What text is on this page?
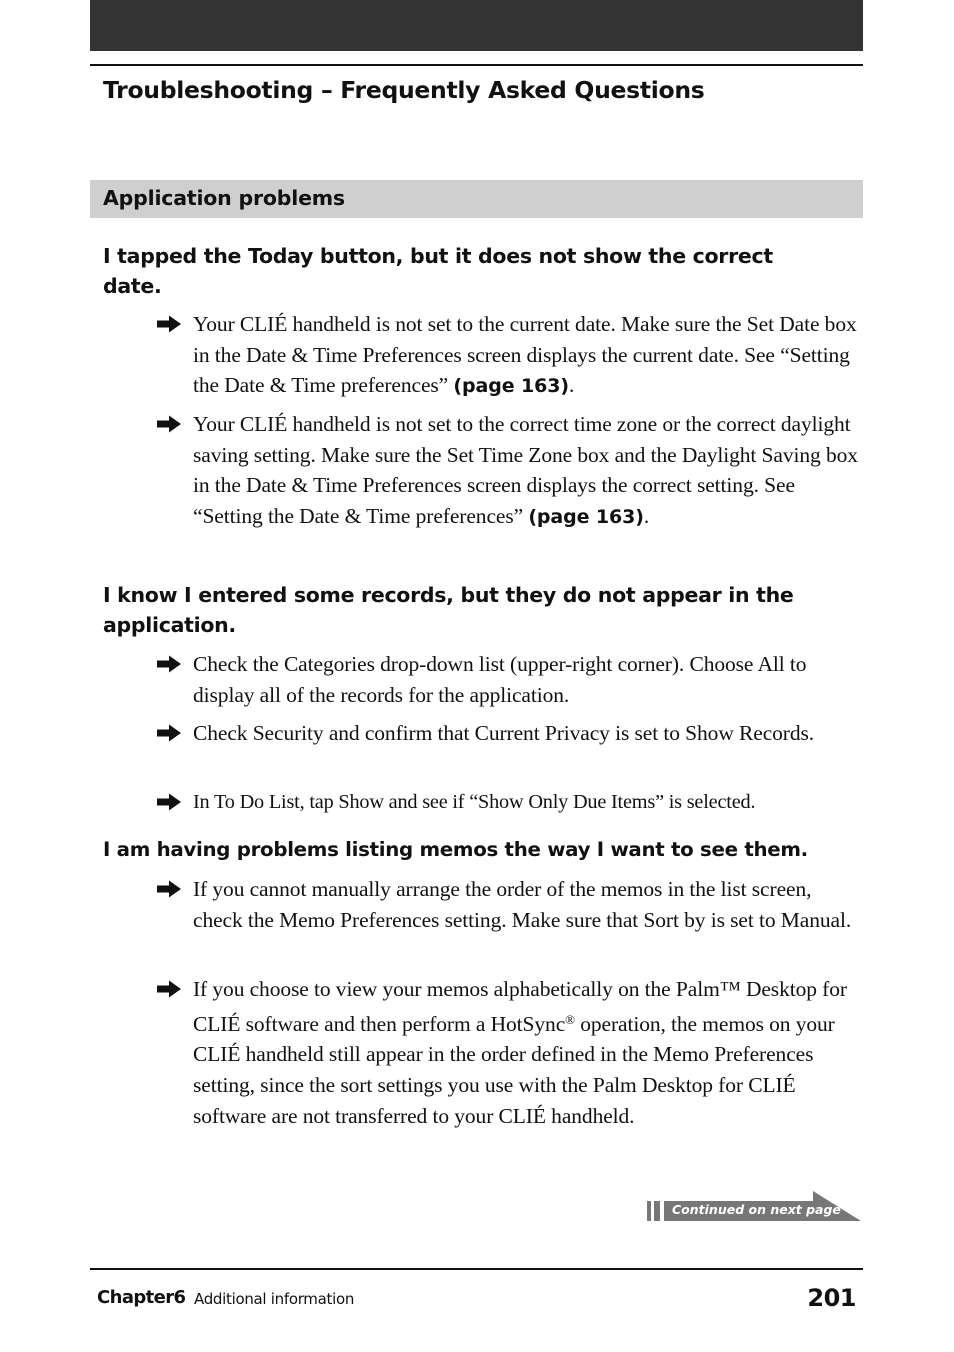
Troubleshooting – Frequently Asked Questions
Application problems
I tapped the Today button, but it does not show the correct date.

Your CLIÉ handheld is not set to the current date. Make sure the Set Date box in the Date & Time Preferences screen displays the current date. See “Setting the Date & Time preferences” (page 163).

Your CLIÉ handheld is not set to the correct time zone or the correct daylight saving setting. Make sure the Set Time Zone box and the Daylight Saving box in the Date & Time Preferences screen displays the correct setting. See “Setting the Date & Time preferences” (page 163).

I know I entered some records, but they do not appear in the application.

Check the Categories drop-down list (upper-right corner). Choose All to display all of the records for the application.

Check Security and confirm that Current Privacy is set to Show Records.

In To Do List, tap Show and see if “Show Only Due Items” is selected.

I am having problems listing memos the way I want to see them.

If you cannot manually arrange the order of the memos in the list screen, check the Memo Preferences setting. Make sure that Sort by is set to Manual.

If you choose to view your memos alphabetically on the Palm™ Desktop for CLIÉ software and then perform a HotSync® operation, the memos on your CLIÉ handheld still appear in the order defined in the Memo Preferences setting, since the sort settings you use with the Palm Desktop for CLIÉ software are not transferred to your CLIÉ handheld.

Continued on next page
Chapter6 Additional information	201
